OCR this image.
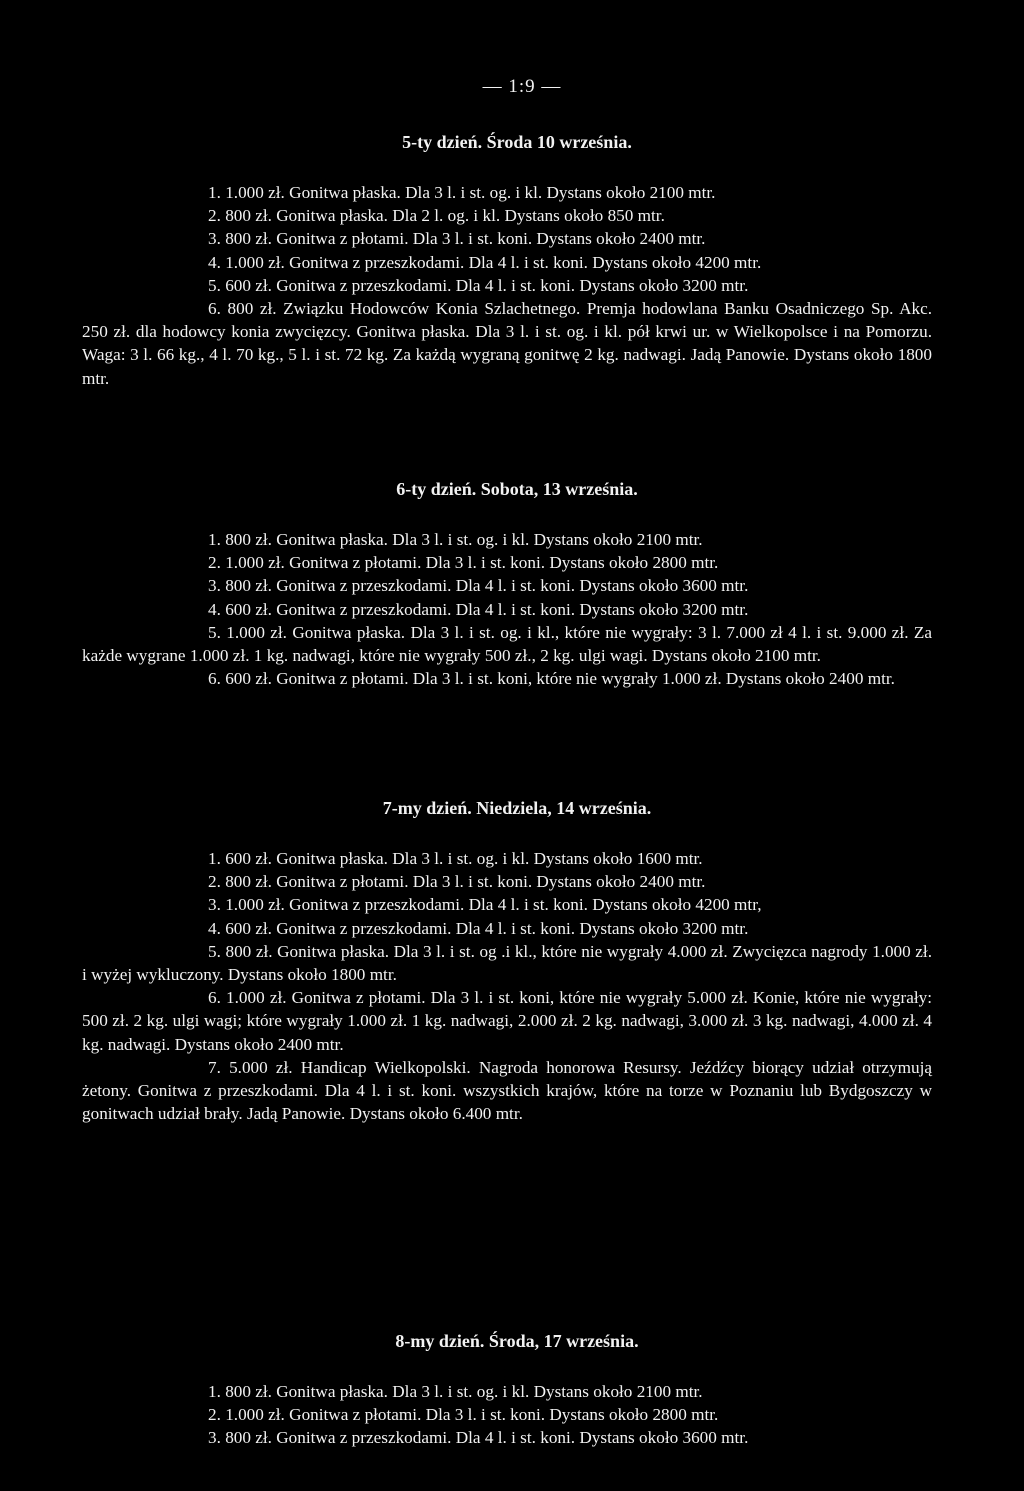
— 1:9 —
5-ty dzień. Środa 10 września.

1. 1.000 zł. Gonitwa płaska. Dla 3 l. i st. og. i kl. Dystans około 2100 mtr.

2. 800 zł. Gonitwa płaska. Dla 2 l. og. i kl. Dystans około 850 mtr.

3. 800 zł. Gonitwa z płotami. Dla 3 l. i st. koni. Dystans około 2400 mtr.

4. 1.000 zł. Gonitwa z przeszkodami. Dla 4 l. i st. koni. Dystans około 4200 mtr.

5. 600 zł. Gonitwa z przeszkodami. Dla 4 l. i st. koni. Dystans około 3200 mtr.

6. 800 zł. Związku Hodowców Konia Szlachetnego. Premja hodowlana Banku Osadniczego Sp. Akc. 250 zł. dla hodowcy konia zwycięzcy. Gonitwa płaska. Dla 3 l. i st. og. i kl. pół krwi ur. w Wielkopolsce i na Pomorzu. Waga: 3 l. 66 kg., 4 l. 70 kg., 5 l. i st. 72 kg. Za każdą wygraną gonitwę 2 kg. nadwagi. Jadą Panowie. Dystans około 1800 mtr.

6-ty dzień. Sobota, 13 września.

1. 800 zł. Gonitwa płaska. Dla 3 l. i st. og. i kl. Dystans około 2100 mtr.

2. 1.000 zł. Gonitwa z płotami. Dla 3 l. i st. koni. Dystans około 2800 mtr.

3. 800 zł. Gonitwa z przeszkodami. Dla 4 l. i st. koni. Dystans około 3600 mtr.

4. 600 zł. Gonitwa z przeszkodami. Dla 4 l. i st. koni. Dystans około 3200 mtr.

5. 1.000 zł. Gonitwa płaska. Dla 3 l. i st. og. i kl., które nie wygrały: 3 l. 7.000 zł 4 l. i st. 9.000 zł. Za każde wygrane 1.000 zł. 1 kg. nadwagi, które nie wygrały 500 zł., 2 kg. ulgi wagi. Dystans około 2100 mtr.

6. 600 zł. Gonitwa z płotami. Dla 3 l. i st. koni, które nie wygrały 1.000 zł. Dystans około 2400 mtr.

7-my dzień. Niedziela, 14 września.

1. 600 zł. Gonitwa płaska. Dla 3 l. i st. og. i kl. Dystans około 1600 mtr.

2. 800 zł. Gonitwa z płotami. Dla 3 l. i st. koni. Dystans około 2400 mtr.

3. 1.000 zł. Gonitwa z przeszkodami. Dla 4 l. i st. koni. Dystans około 4200 mtr,

4. 600 zł. Gonitwa z przeszkodami. Dla 4 l. i st. koni. Dystans około 3200 mtr.

5. 800 zł. Gonitwa płaska. Dla 3 l. i st. og .i kl., które nie wygrały 4.000 zł. Zwycięzca nagrody 1.000 zł. i wyżej wykluczony. Dystans około 1800 mtr.

6. 1.000 zł. Gonitwa z płotami. Dla 3 l. i st. koni, które nie wygrały 5.000 zł. Konie, które nie wygrały: 500 zł. 2 kg. ulgi wagi; które wygrały 1.000 zł. 1 kg. nadwagi, 2.000 zł. 2 kg. nadwagi, 3.000 zł. 3 kg. nadwagi, 4.000 zł. 4 kg. nadwagi. Dystans około 2400 mtr.

7. 5.000 zł. Handicap Wielkopolski. Nagroda honorowa Resursy. Jeźdźcy biorący udział otrzymują żetony. Gonitwa z przeszkodami. Dla 4 l. i st. koni. wszystkich krajów, które na torze w Poznaniu lub Bydgoszczy w gonitwach udział brały. Jadą Panowie. Dystans około 6.400 mtr.

8-my dzień. Środa, 17 września.

1. 800 zł. Gonitwa płaska. Dla 3 l. i st. og. i kl. Dystans około 2100 mtr.

2. 1.000 zł. Gonitwa z płotami. Dla 3 l. i st. koni. Dystans około 2800 mtr.

3. 800 zł. Gonitwa z przeszkodami. Dla 4 l. i st. koni. Dystans około 3600 mtr.
